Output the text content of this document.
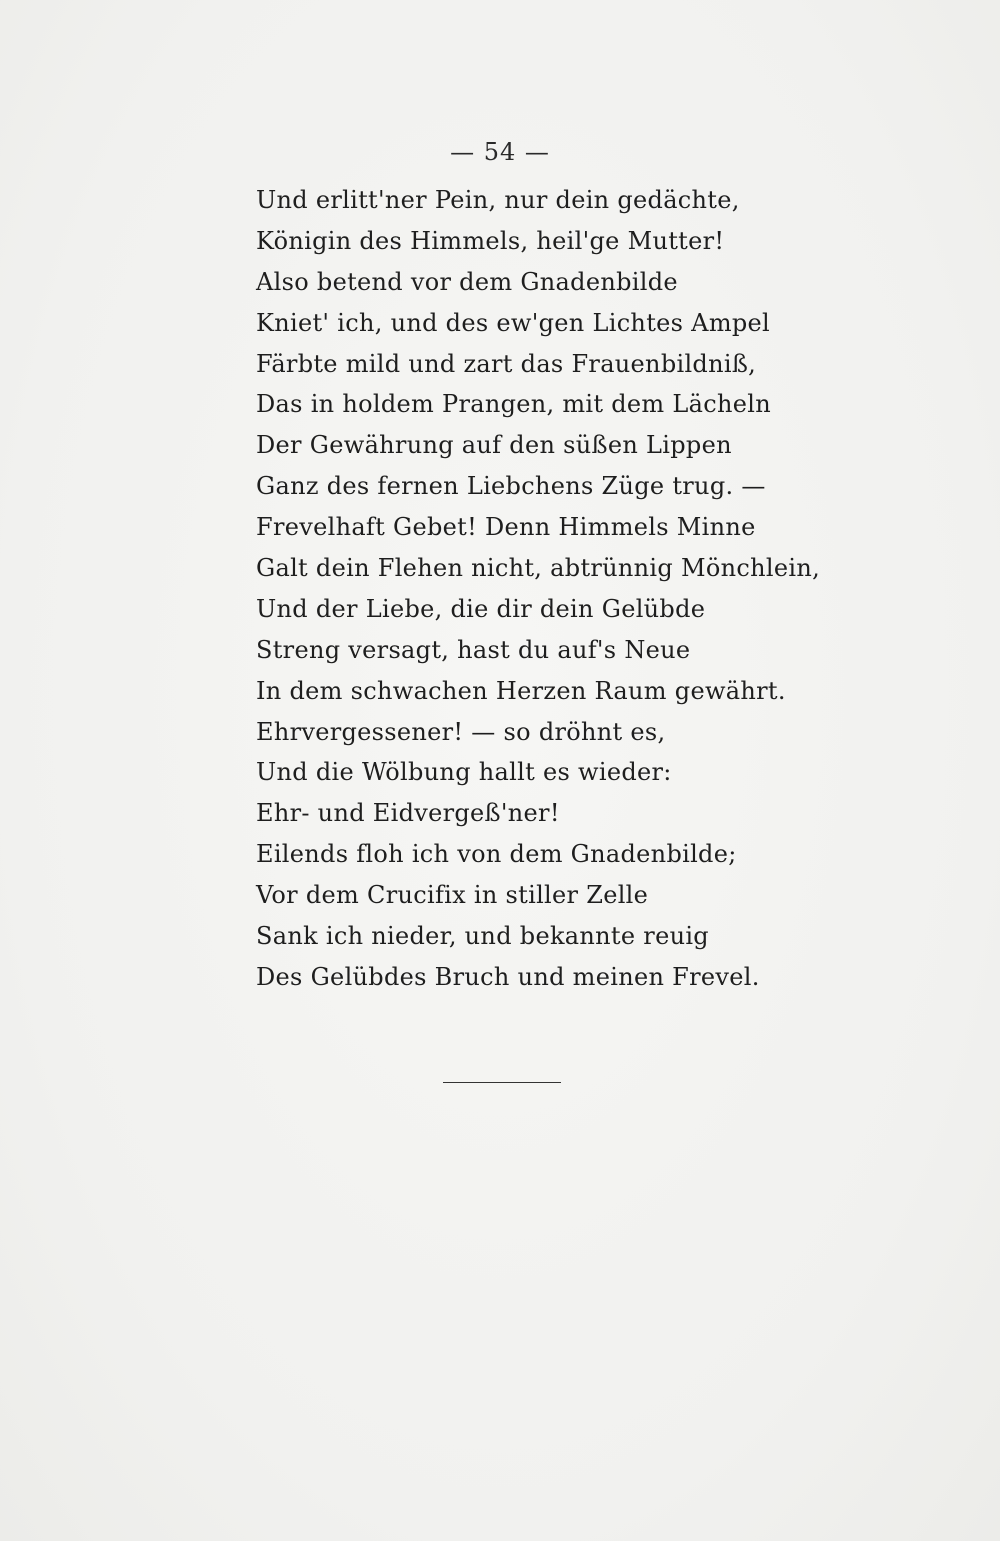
— 54 —
Und erlitt'ner Pein, nur dein gedächte,
Königin des Himmels, heil'ge Mutter!
Also betend vor dem Gnadenbilde
Kniet' ich, und des ew'gen Lichtes Ampel
Färbte mild und zart das Frauenbildniß,
Das in holdem Prangen, mit dem Lächeln
Der Gewährung auf den süßen Lippen
Ganz des fernen Liebchens Züge trug. —
Frevelhaft Gebet! Denn Himmels Minne
Galt dein Flehen nicht, abtrünnig Mönchlein,
Und der Liebe, die dir dein Gelübde
Streng versagt, hast du auf's Neue
In dem schwachen Herzen Raum gewährt.
Ehrvergessener! — so dröhnt es,
Und die Wölbung hallt es wieder:
Ehr- und Eidvergeß'ner!
Eilends floh ich von dem Gnadenbilde;
Vor dem Crucifix in stiller Zelle
Sank ich nieder, und bekannte reuig
Des Gelübdes Bruch und meinen Frevel.
